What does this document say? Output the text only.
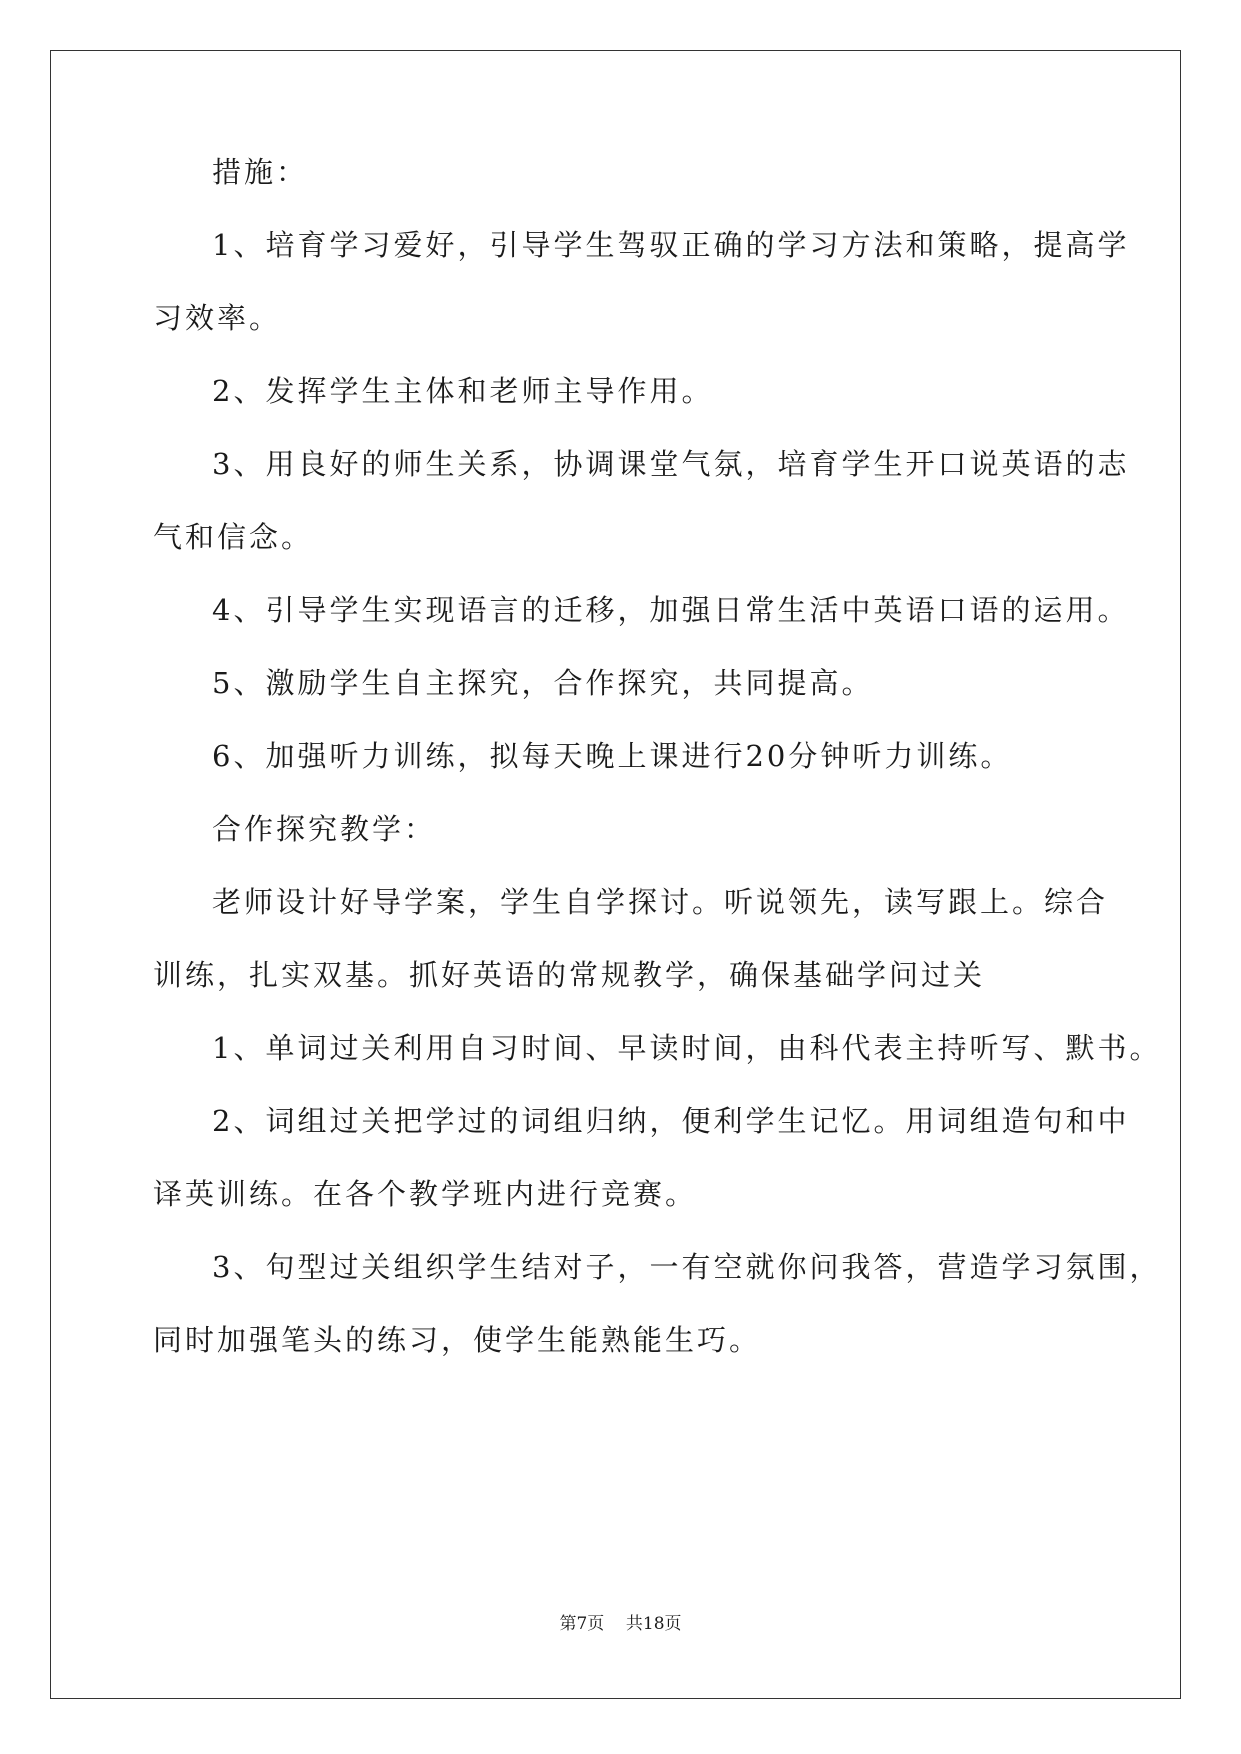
措施：
1、培育学习爱好，引导学生驾驭正确的学习方法和策略，提高学
习效率。
2、发挥学生主体和老师主导作用。
3、用良好的师生关系，协调课堂气氛，培育学生开口说英语的志
气和信念。
4、引导学生实现语言的迁移，加强日常生活中英语口语的运用。
5、激励学生自主探究，合作探究，共同提高。
6、加强听力训练，拟每天晚上课进行20分钟听力训练。
合作探究教学：
老师设计好导学案，学生自学探讨。听说领先，读写跟上。综合
训练，扎实双基。抓好英语的常规教学，确保基础学问过关
1、单词过关利用自习时间、早读时间，由科代表主持听写、默书。
2、词组过关把学过的词组归纳，便利学生记忆。用词组造句和中
译英训练。在各个教学班内进行竞赛。
3、句型过关组织学生结对子，一有空就你问我答，营造学习氛围，
同时加强笔头的练习，使学生能熟能生巧。
第7页    共18页
